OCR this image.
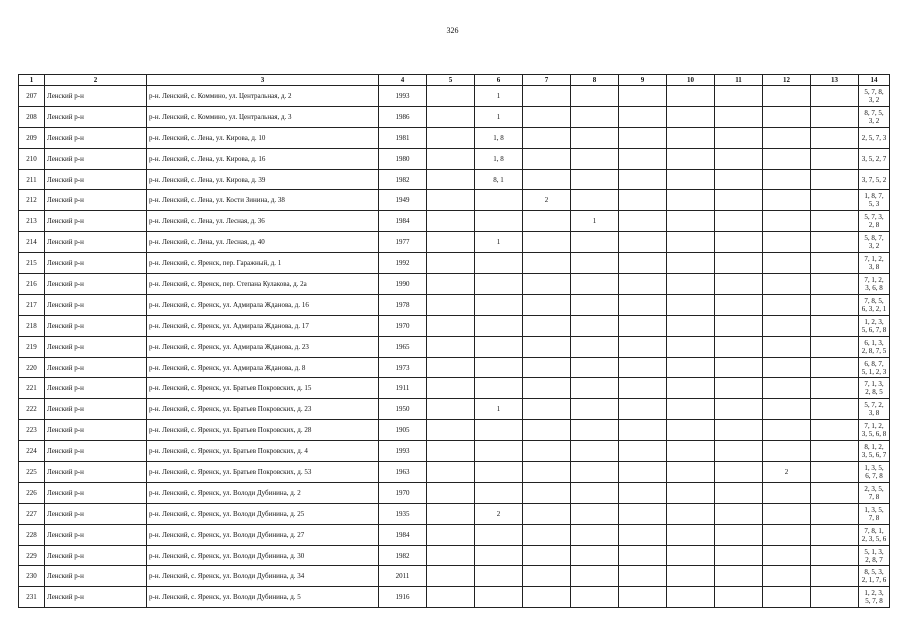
326
1	2	3	4	5	6	7	8	9	10	11	12	13	14
207	Ленский р-н	р-н. Ленский, с. Коммино, ул. Центральная, д. 2	1993		1								5, 7, 8, 3, 2
208	Ленский р-н	р-н. Ленский, с. Коммино, ул. Центральная, д. 3	1986		1								8, 7, 5, 3, 2
209	Ленский р-н	р-н. Ленский, с. Лена, ул. Кирова, д. 10	1981		1, 8								2, 5, 7, 3
210	Ленский р-н	р-н. Ленский, с. Лена, ул. Кирова, д. 16	1980		1, 8								3, 5, 2, 7
211	Ленский р-н	р-н. Ленский, с. Лена, ул. Кирова, д. 39	1982		8, 1								3, 7, 5, 2
212	Ленский р-н	р-н. Ленский, с. Лена, ул. Кости Зинина, д. 38	1949			2							1, 8, 7, 5, 3
213	Ленский р-н	р-н. Ленский, с. Лена, ул. Лесная, д. 36	1984				1						5, 7, 3, 2, 8
214	Ленский р-н	р-н. Ленский, с. Лена, ул. Лесная, д. 40	1977		1								5, 8, 7, 3, 2
215	Ленский р-н	р-н. Ленский, с. Яренск, пер. Гаражный, д. 1	1992										7, 1, 2, 3, 8
216	Ленский р-н	р-н. Ленский, с. Яренск, пер. Степана Кулакова, д. 2а	1990										7, 1, 2, 3, 6, 8
217	Ленский р-н	р-н. Ленский, с. Яренск, ул. Адмирала Жданова, д. 16	1978										7, 8, 5, 6, 3, 2, 1
218	Ленский р-н	р-н. Ленский, с. Яренск, ул. Адмирала Жданова, д. 17	1970										1, 2, 3, 5, 6, 7, 8
219	Ленский р-н	р-н. Ленский, с. Яренск, ул. Адмирала Жданова, д. 23	1965										6, 1, 3, 2, 8, 7, 5
220	Ленский р-н	р-н. Ленский, с. Яренск, ул. Адмирала Жданова, д. 8	1973										6, 8, 7, 5, 1, 2, 3
221	Ленский р-н	р-н. Ленский, с. Яренск, ул. Братьев Покровских, д. 15	1911										7, 1, 3, 2, 8, 5
222	Ленский р-н	р-н. Ленский, с. Яренск, ул. Братьев Покровских, д. 23	1950		1								5, 7, 2, 3, 8
223	Ленский р-н	р-н. Ленский, с. Яренск, ул. Братьев Покровских, д. 28	1905										7, 1, 2, 3, 5, 6, 8
224	Ленский р-н	р-н. Ленский, с. Яренск, ул. Братьев Покровских, д. 4	1993										8, 1, 2, 3, 5, 6, 7
225	Ленский р-н	р-н. Ленский, с. Яренск, ул. Братьев Покровских, д. 53	1963								2		1, 3, 5, 6, 7, 8
226	Ленский р-н	р-н. Ленский, с. Яренск, ул. Володи Дубинина, д. 2	1970										2, 3, 5, 7, 8
227	Ленский р-н	р-н. Ленский, с. Яренск, ул. Володи Дубинина, д. 25	1935		2								1, 3, 5, 7, 8
228	Ленский р-н	р-н. Ленский, с. Яренск, ул. Володи Дубинина, д. 27	1984										7, 8, 1, 2, 3, 5, 6
229	Ленский р-н	р-н. Ленский, с. Яренск, ул. Володи Дубинина, д. 30	1982										5, 1, 3, 2, 8, 7
230	Ленский р-н	р-н. Ленский, с. Яренск, ул. Володи Дубинина, д. 34	2011										8, 5, 3, 2, 1, 7, 6
231	Ленский р-н	р-н. Ленский, с. Яренск, ул. Володи Дубинина, д. 5	1916										1, 2, 3, 5, 7, 8
